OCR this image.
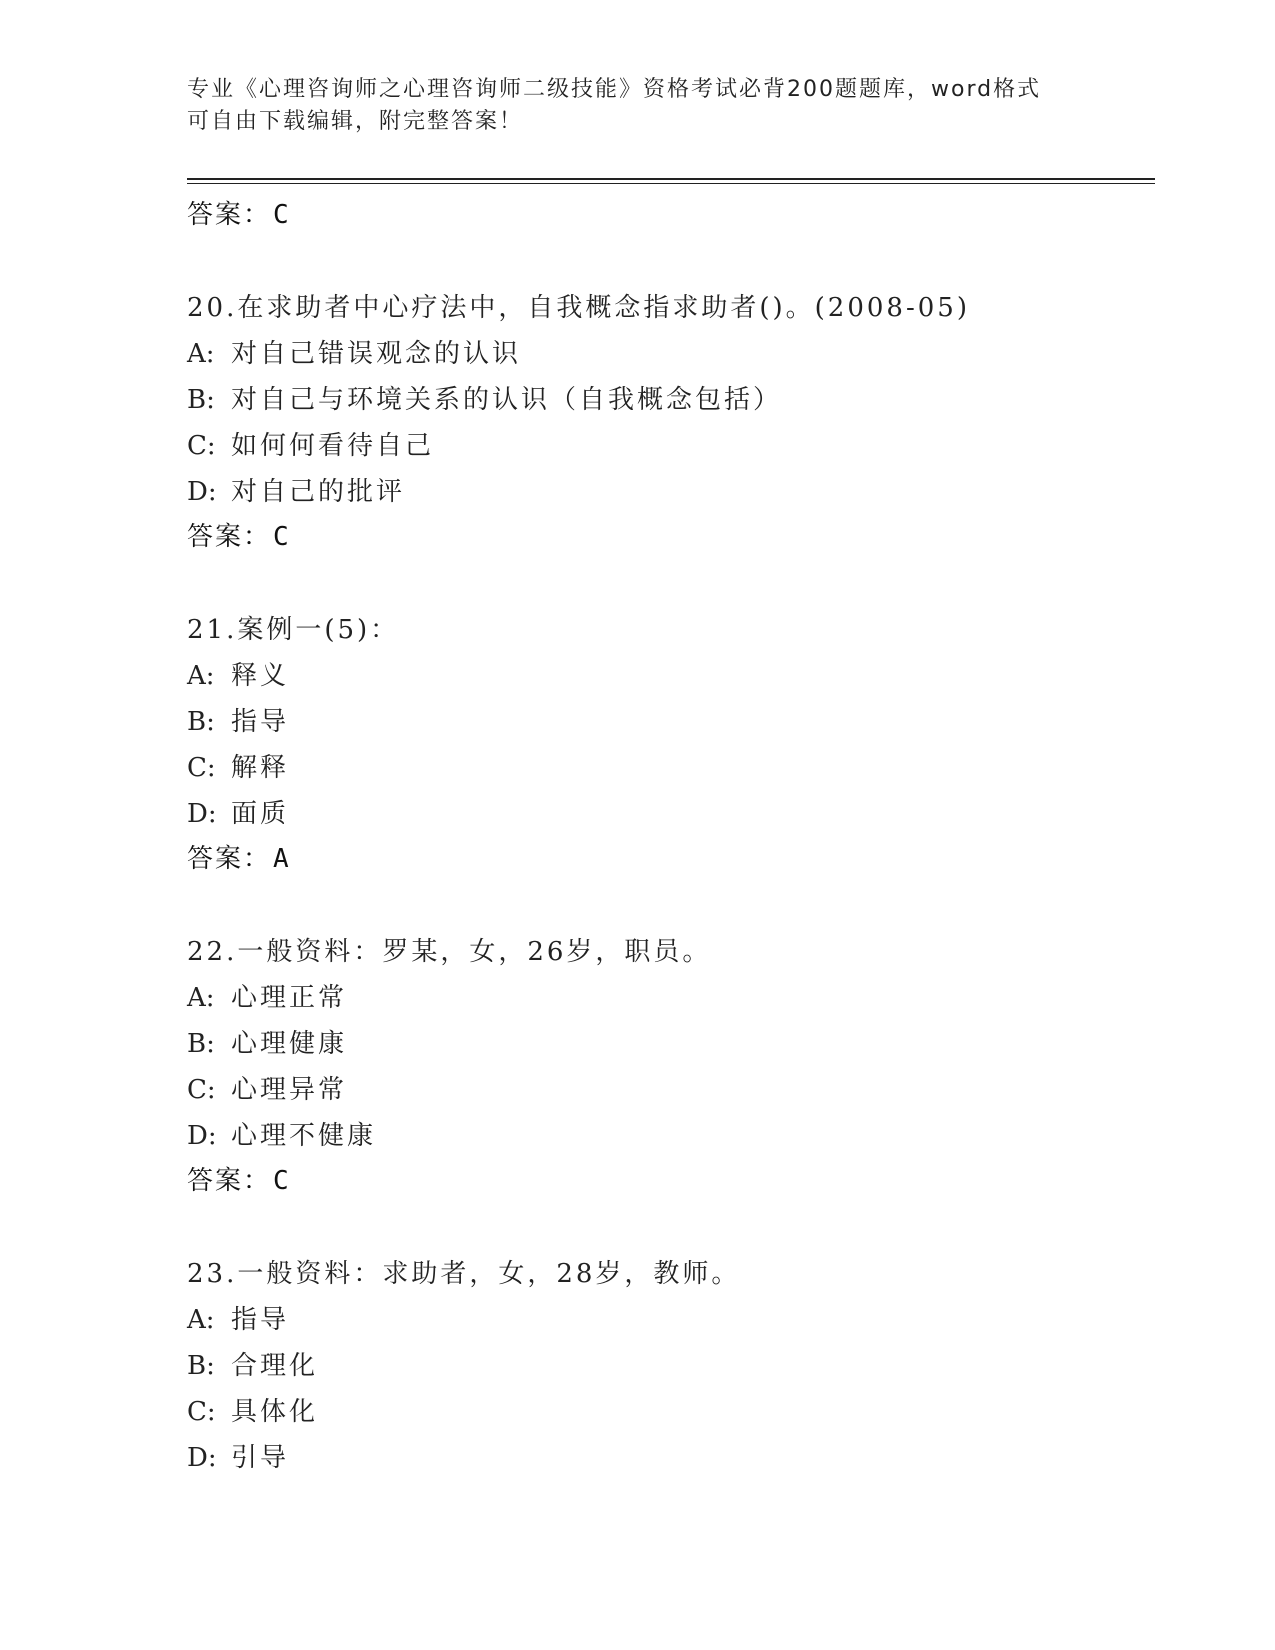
专业《心理咨询师之心理咨询师二级技能》资格考试必背200题题库，word格式
可自由下载编辑，附完整答案！
答案：C
20.在求助者中心疗法中，自我概念指求助者()。(2008-05)
A: 对自己错误观念的认识
B: 对自己与环境关系的认识（自我概念包括）
C: 如何何看待自己
D: 对自己的批评
答案：C
21.案例一(5)：
A: 释义
B: 指导
C: 解释
D: 面质
答案：A
22.一般资料：罗某，女，26岁，职员。
A: 心理正常
B: 心理健康
C: 心理异常
D: 心理不健康
答案：C
23.一般资料：求助者，女，28岁，教师。
A: 指导
B: 合理化
C: 具体化
D: 引导
